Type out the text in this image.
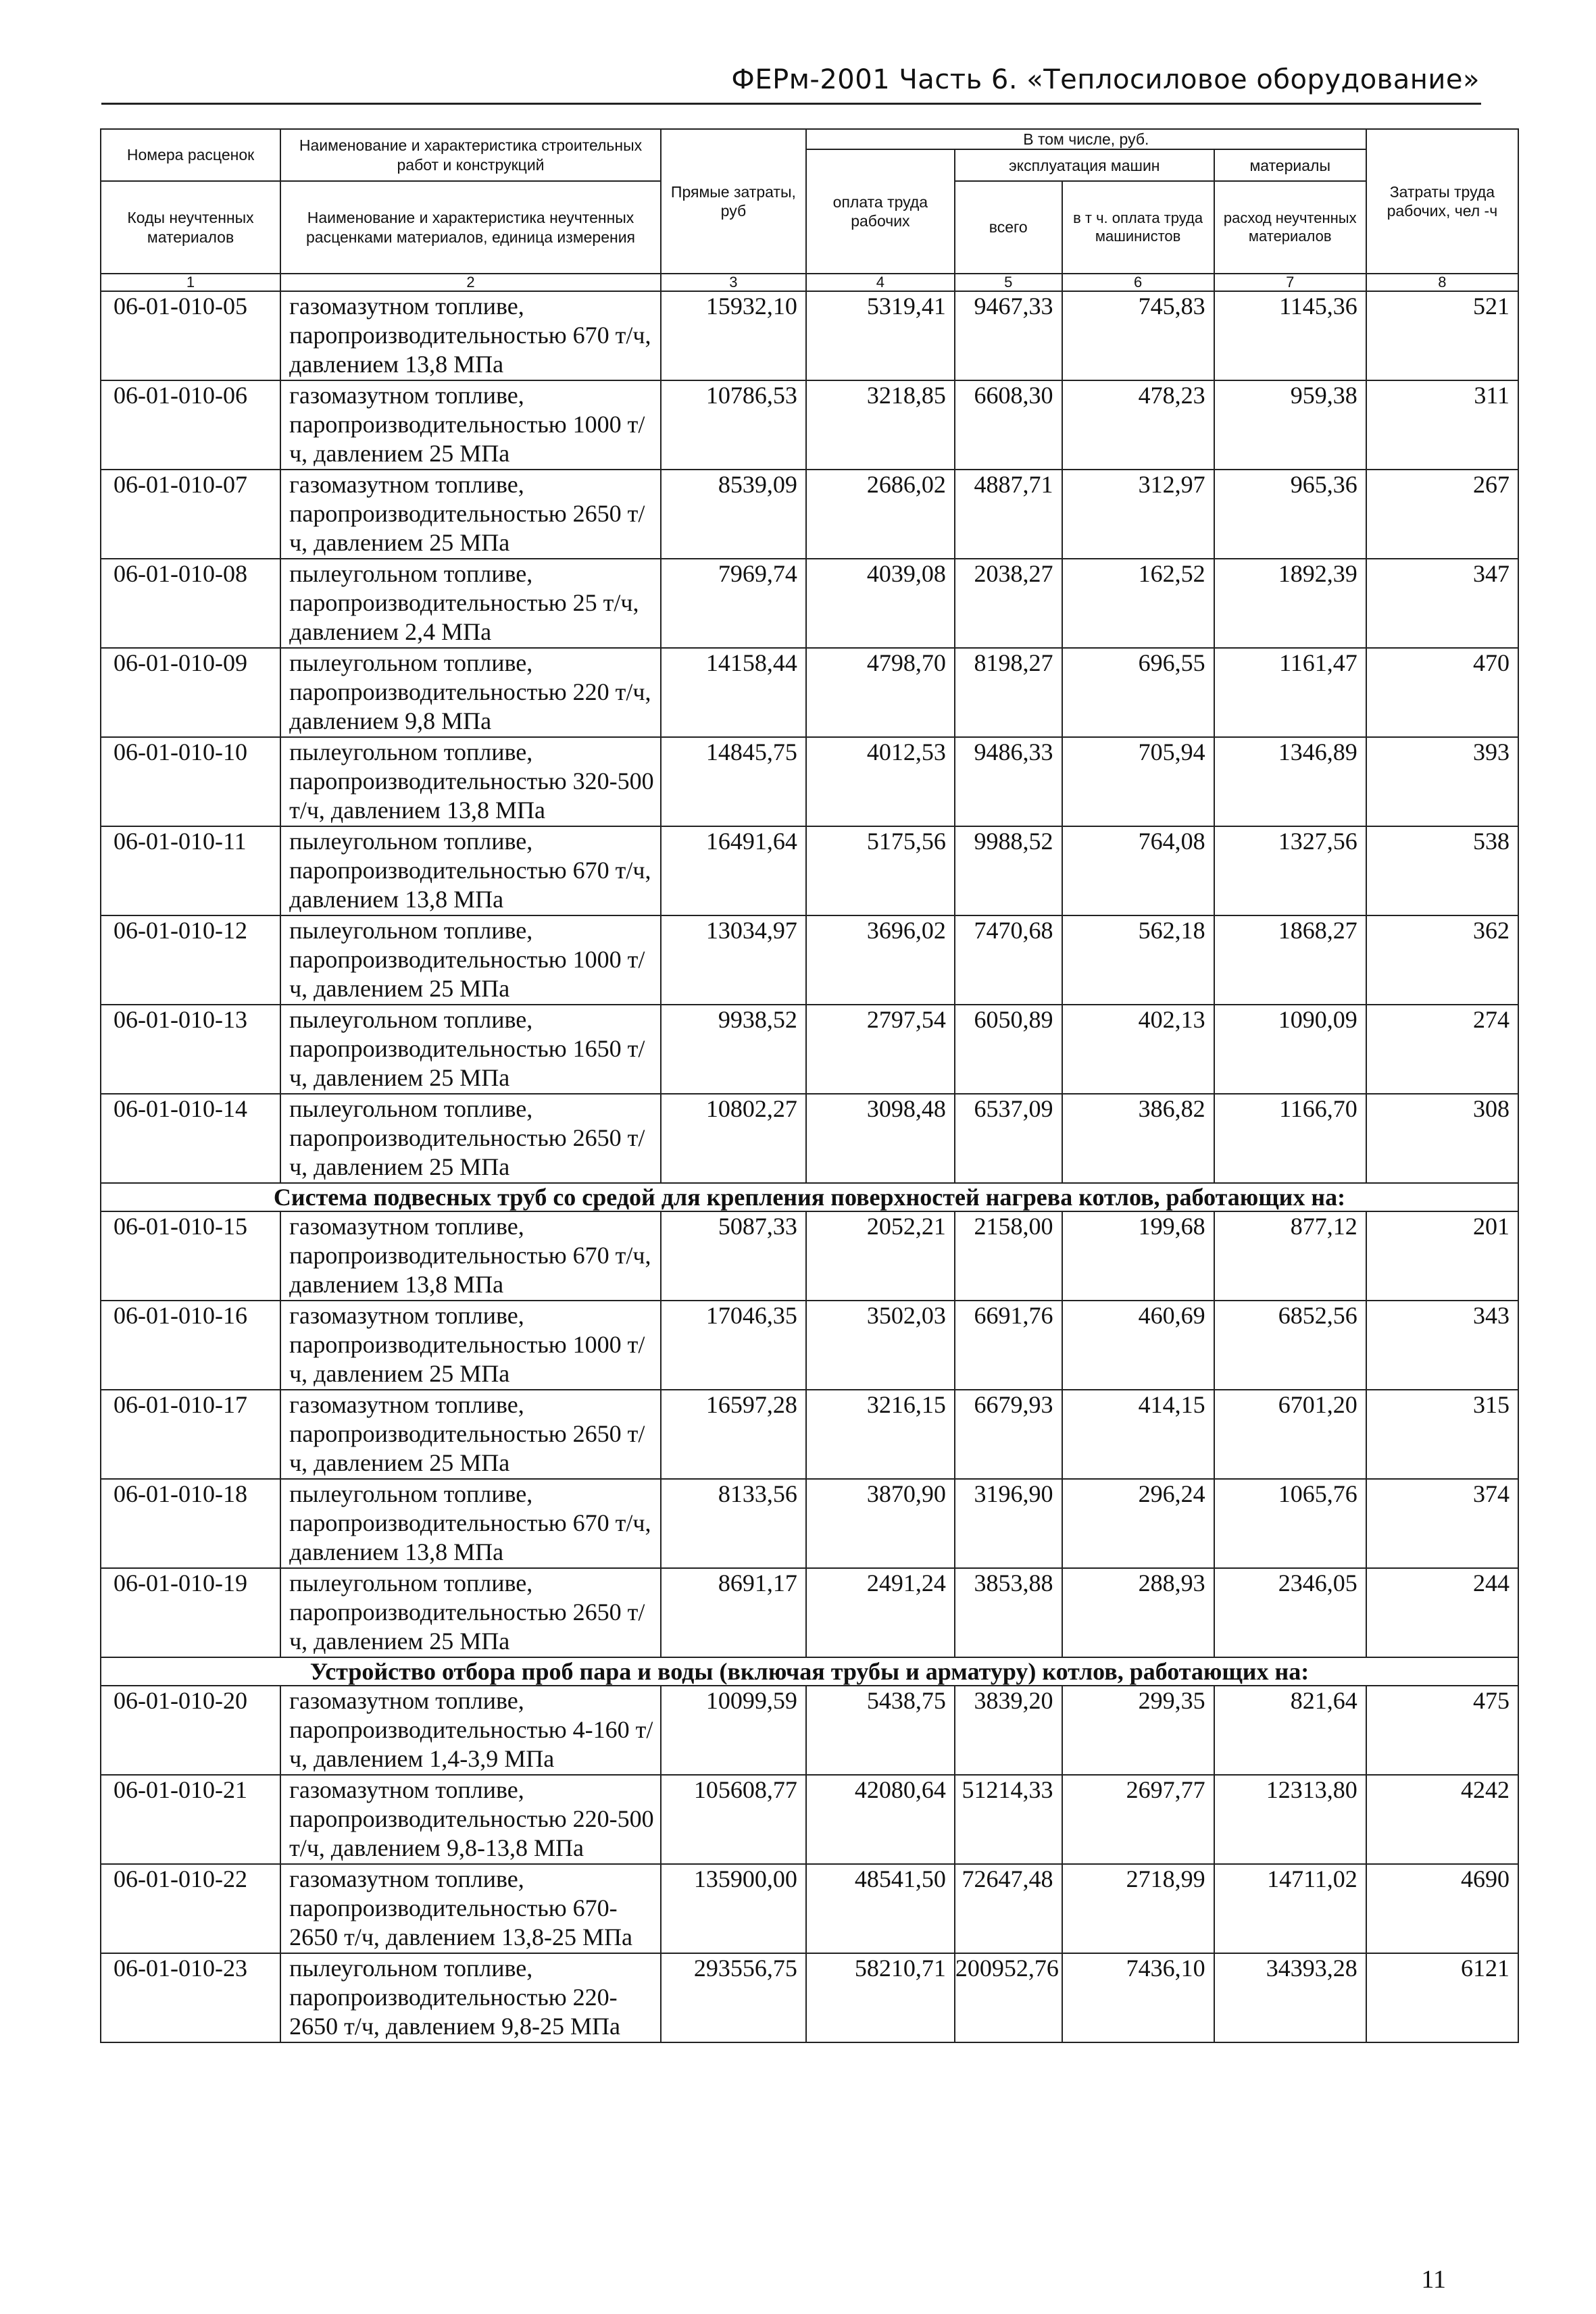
ФЕРм-2001 Часть 6. «Теплосиловое оборудование»
Номера расценок	Наименование и характеристика строительных работ и конструкций	Прямые затраты, руб	В том числе, руб.				Затраты труда рабочих, чел -ч
			оплата труда рабочих	эксплуатация машин		материалы	
Коды неучтенных материалов	Наименование и характеристика неучтенных расценками материалов, единица измерения			всего	в т ч. оплата труда машинистов	расход неучтенных материалов	

1	2	3	4	5	6	7	8
06-01-010-05	газомазутном топливе, паропроизводительностью 670 т/ч, давлением 13,8 МПа	15932,10	5319,41	9467,33	745,83	1145,36	521
06-01-010-06	газомазутном топливе, паропроизводительностью 1000 т/ч, давлением 25 МПа	10786,53	3218,85	6608,30	478,23	959,38	311
06-01-010-07	газомазутном топливе, паропроизводительностью 2650 т/ч, давлением 25 МПа	8539,09	2686,02	4887,71	312,97	965,36	267
06-01-010-08	пылеугольном топливе, паропроизводительностью 25 т/ч, давлением 2,4 МПа	7969,74	4039,08	2038,27	162,52	1892,39	347
06-01-010-09	пылеугольном топливе, паропроизводительностью 220 т/ч, давлением 9,8 МПа	14158,44	4798,70	8198,27	696,55	1161,47	470
06-01-010-10	пылеугольном топливе, паропроизводительностью 320-500 т/ч, давлением 13,8 МПа	14845,75	4012,53	9486,33	705,94	1346,89	393
06-01-010-11	пылеугольном топливе, паропроизводительностью 670 т/ч, давлением 13,8 МПа	16491,64	5175,56	9988,52	764,08	1327,56	538
06-01-010-12	пылеугольном топливе, паропроизводительностью 1000 т/ч, давлением 25 МПа	13034,97	3696,02	7470,68	562,18	1868,27	362
06-01-010-13	пылеугольном топливе, паропроизводительностью 1650 т/ч, давлением 25 МПа	9938,52	2797,54	6050,89	402,13	1090,09	274
06-01-010-14	пылеугольном топливе, паропроизводительностью 2650 т/ч, давлением 25 МПа	10802,27	3098,48	6537,09	386,82	1166,70	308
Система подвесных труб со средой для крепления поверхностей нагрева котлов, работающих на:							
06-01-010-15	газомазутном топливе, паропроизводительностью 670 т/ч, давлением 13,8 МПа	5087,33	2052,21	2158,00	199,68	877,12	201
06-01-010-16	газомазутном топливе, паропроизводительностью 1000 т/ч, давлением 25 МПа	17046,35	3502,03	6691,76	460,69	6852,56	343
06-01-010-17	газомазутном топливе, паропроизводительностью 2650 т/ч, давлением 25 МПа	16597,28	3216,15	6679,93	414,15	6701,20	315
06-01-010-18	пылеугольном топливе, паропроизводительностью 670 т/ч, давлением 13,8 МПа	8133,56	3870,90	3196,90	296,24	1065,76	374
06-01-010-19	пылеугольном топливе, паропроизводительностью 2650 т/ч, давлением 25 МПа	8691,17	2491,24	3853,88	288,93	2346,05	244
Устройство отбора проб пара и воды (включая трубы и арматуру) котлов, работающих на:							
06-01-010-20	газомазутном топливе, паропроизводительностью 4-160 т/ч, давлением 1,4-3,9 МПа	10099,59	5438,75	3839,20	299,35	821,64	475
06-01-010-21	газомазутном топливе, паропроизводительностью 220-500 т/ч, давлением 9,8-13,8 МПа	105608,77	42080,64	51214,33	2697,77	12313,80	4242
06-01-010-22	газомазутном топливе, паропроизводительностью 670-2650 т/ч, давлением 13,8-25 МПа	135900,00	48541,50	72647,48	2718,99	14711,02	4690
06-01-010-23	пылеугольном топливе, паропроизводительностью 220-2650 т/ч, давлением 9,8-25 МПа	293556,75	58210,71	200952,76	7436,10	34393,28	6121
11
